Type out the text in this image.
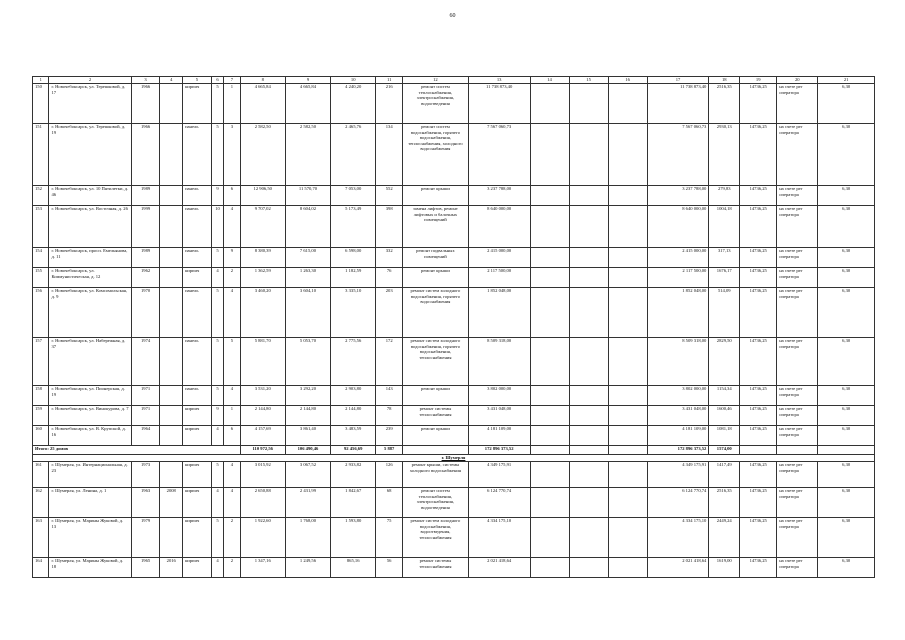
60
1	2	3	4	5	6	7	8	9	10	11	12	13	14	15	16	17	18	19	20	21
150	г. Новочебоксарск, ул. Терешковой, д. 17	1966		кирпич	5	1	4 665,84	4 665,84	4 240,20	216	ремонт систем теплоснабжения, электроснабжения, водоотведения	11 738 873,40				11 738 873,40	2516,35	14736,25	на счете рег оператора	6,30
151	г. Новочебоксарск, ул. Терешковой, д. 19	1966		панель	5	3	2 582,50	2 582,50	2 465,76	134	ремонт систем водоснабжения, горячего водоснабжения, теплоснабжения, холодного водоснабжения	7 567 060,73				7 567 060,73	2930,13	14736,25	на счете рег оператора	6,30
152	г. Новочебоксарск, ул. 10 Пятилетки, д. 46	1989		панель	9	6	12 906,50	11 570,70	7 053,00	552	ремонт крыши	3 237 788,00				3 237 788,00	279,83	14736,25	на счете рег оператора	6,30
153	г. Новочебоксарск, ул. Восточная, д. 26	1999		панель	10	4	9 707,02	8 604,02	5 173,49	398	замена лифтов, ремонт лифтовых и балочных помещений	8 640 000,00				8 640 000,00	1004,18	14736,25	на счете рег оператора	6,30
154	г. Новочебоксарск, просп. Емельянова, д. 11	1989		панель	5	9	8 380,39	7 615,00	6 598,00	332	ремонт подвальных помещений	2 415 000,00				2 415 000,00	317,13	14736,25	на счете рег оператора	6,30
155	г. Новочебоксарск, ул. Коммунистическая, д. 12	1962		кирпич	4	2	1 362,59	1 263,30	1 182,59	76	ремонт крыши	2 117 500,00				2 117 500,00	1676,17	14736,25	на счете рег оператора	6,30
156	г. Новочебоксарск, ул. Комсомольская, д. 9	1970		панель	5	4	3 460,20	3 604,10	3 335,10	203	ремонт систем холодного водоснабжения, горячего водоснабжения	1 852 048,00				1 852 048,00	514,09	14736,25	на счете рег оператора	6,30
157	г. Новочебоксарск, ул. Набережная, д. 37	1974		панель	5	5	5 881,70	5 053,70	2 775,56	172	ремонт систем холодного водоснабжения, горячего водоснабжения, теплоснабжения	8 509 318,00				8 509 318,00	2829,50	14736,25	на счете рег оператора	6,30
158	г. Новочебоксарск, ул. Пионерская, д. 19	1971		панель	5	4	3 531,20	3 292,20	2 903,80	143	ремонт крыши	3 802 000,00				3 802 000,00	1154,34	14736,25	на счете рег оператора	6,30
159	г. Новочебоксарск, ул. Винокурова, д. 7	1971		кирпич	9	1	2 144,80	2 144,80	2 144,80	78	ремонт системы теплоснабжения	3 431 048,00				3 431 048,00	1600,46	14736,25	на счете рег оператора	6,30
160	г. Новочебоксарск, ул. В. Крупской, д. 16	1964		кирпич	4	6	4 157,69	3 861,40	3 483,59	239	ремонт крыши	4 181 109,00				4 181 109,00	1081,18	14736,25	на счете рег оператора	6,30
Итого: 25 домов							110 972,56	106 490,46	92 456,69	5 887		172 896 373,52				172 896 373,52	1574,00			
г. Шумерля																				
161	г. Шумерля, ул. Интернациональная, д. 23	1973		кирпич	5	4	3 015,92	3 067,52	2 933,82	126	ремонт крыши, системы холодного водоснабжения	4 349 175,91				4 349 175,91	1417,49	14736,25	на счете рег оператора	6,30
162	г. Шумерля, ул. Ленина, д. 1	1963	2008	кирпич	4	4	2 650,88	2 431,99	1 842,67	68	ремонт систем теплоснабжения, электроснабжения, водоотведения	6 124 770,74				6 124 770,74	2516,35	14736,25	на счете рег оператора	6,30
163	г. Шумерля, ул. Марины Жуковой, д. 13	1979		кирпич	5	2	1 922,60	1 768,00	1 593,80	75	ремонт систем холодного водоснабжения, водоотведения, теплоснабжения	4 334 175,10				4 334 175,10	2449,24	14736,25	на счете рег оператора	6,30
164	г. Шумерля, ул. Марины Жуковой, д. 18	1965	2016	кирпич	4	2	1 347,16	1 249,56	865,16	56	ремонт системы теплоснабжения	2 021 418,64				2 021 418,64	1619,00	14736,25	на счете рег оператора	6,30
